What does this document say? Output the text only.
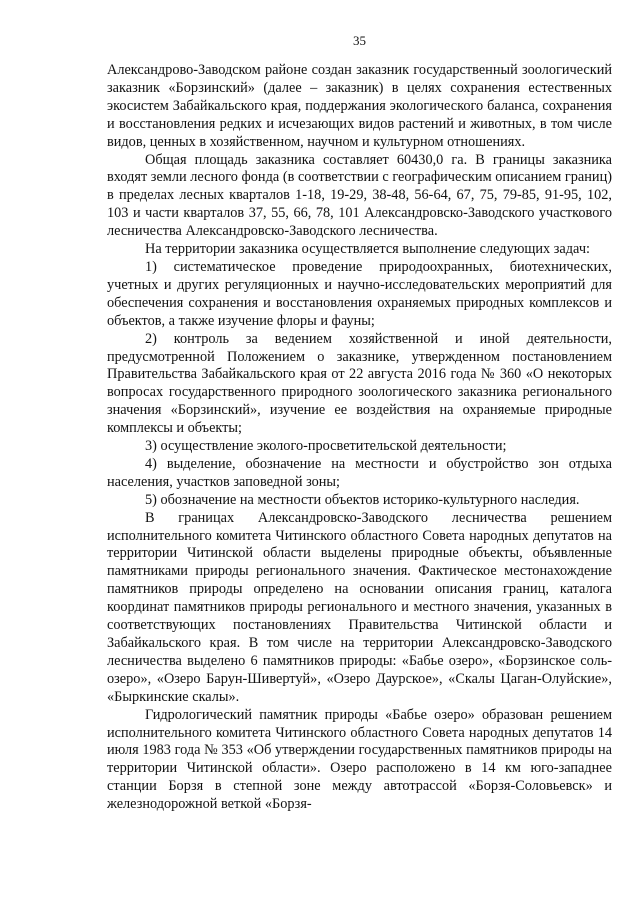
35

Александрово-Заводском районе создан заказник государственный зоологический заказник «Борзинский» (далее – заказник) в целях сохранения естественных экосистем Забайкальского края, поддержания экологического баланса, сохранения и восстановления редких и исчезающих видов растений и животных, в том числе видов, ценных в хозяйственном, научном и культурном отношениях.

Общая площадь заказника составляет 60430,0 га. В границы заказника входят земли лесного фонда (в соответствии с географическим описанием границ) в пределах лесных кварталов 1-18, 19-29, 38-48, 56-64, 67, 75, 79-85, 91-95, 102, 103 и части кварталов 37, 55, 66, 78, 101 Александровско-Заводского участкового лесничества Александровско-Заводского лесничества.

На территории заказника осуществляется выполнение следующих задач:

1) систематическое проведение природоохранных, биотехнических, учетных и других регуляционных и научно-исследовательских мероприятий для обеспечения сохранения и восстановления охраняемых природных комплексов и объектов, а также изучение флоры и фауны;

2) контроль за ведением хозяйственной и иной деятельности, предусмотренной Положением о заказнике, утвержденном постановлением Правительства Забайкальского края от 22 августа 2016 года № 360 «О некоторых вопросах государственного природного зоологического заказника регионального значения «Борзинский», изучение ее воздействия на охраняемые природные комплексы и объекты;

3) осуществление эколого-просветительской деятельности;

4) выделение, обозначение на местности и обустройство зон отдыха населения, участков заповедной зоны;

5) обозначение на местности объектов историко-культурного наследия.

В границах Александровско-Заводского лесничества решением исполнительного комитета Читинского областного Совета народных депутатов на территории Читинской области выделены природные объекты, объявленные памятниками природы регионального значения. Фактическое местонахождение памятников природы определено на основании описания границ, каталога координат памятников природы регионального и местного значения, указанных в соответствующих постановлениях Правительства Читинской области и Забайкальского края. В том числе на территории Александровско-Заводского лесничества выделено 6 памятников природы: «Бабье озеро», «Борзинское соль-озеро», «Озеро Барун-Шивертуй», «Озеро Даурское», «Скалы Цаган-Олуйские», «Быркинские скалы».

Гидрологический памятник природы «Бабье озеро» образован решением исполнительного комитета Читинского областного Совета народных депутатов 14 июля 1983 года № 353 «Об утверждении государственных памятников природы на территории Читинской области». Озеро расположено в 14 км юго-западнее станции Борзя в степной зоне между автотрассой «Борзя-Соловьевск» и железнодорожной веткой «Борзя-
